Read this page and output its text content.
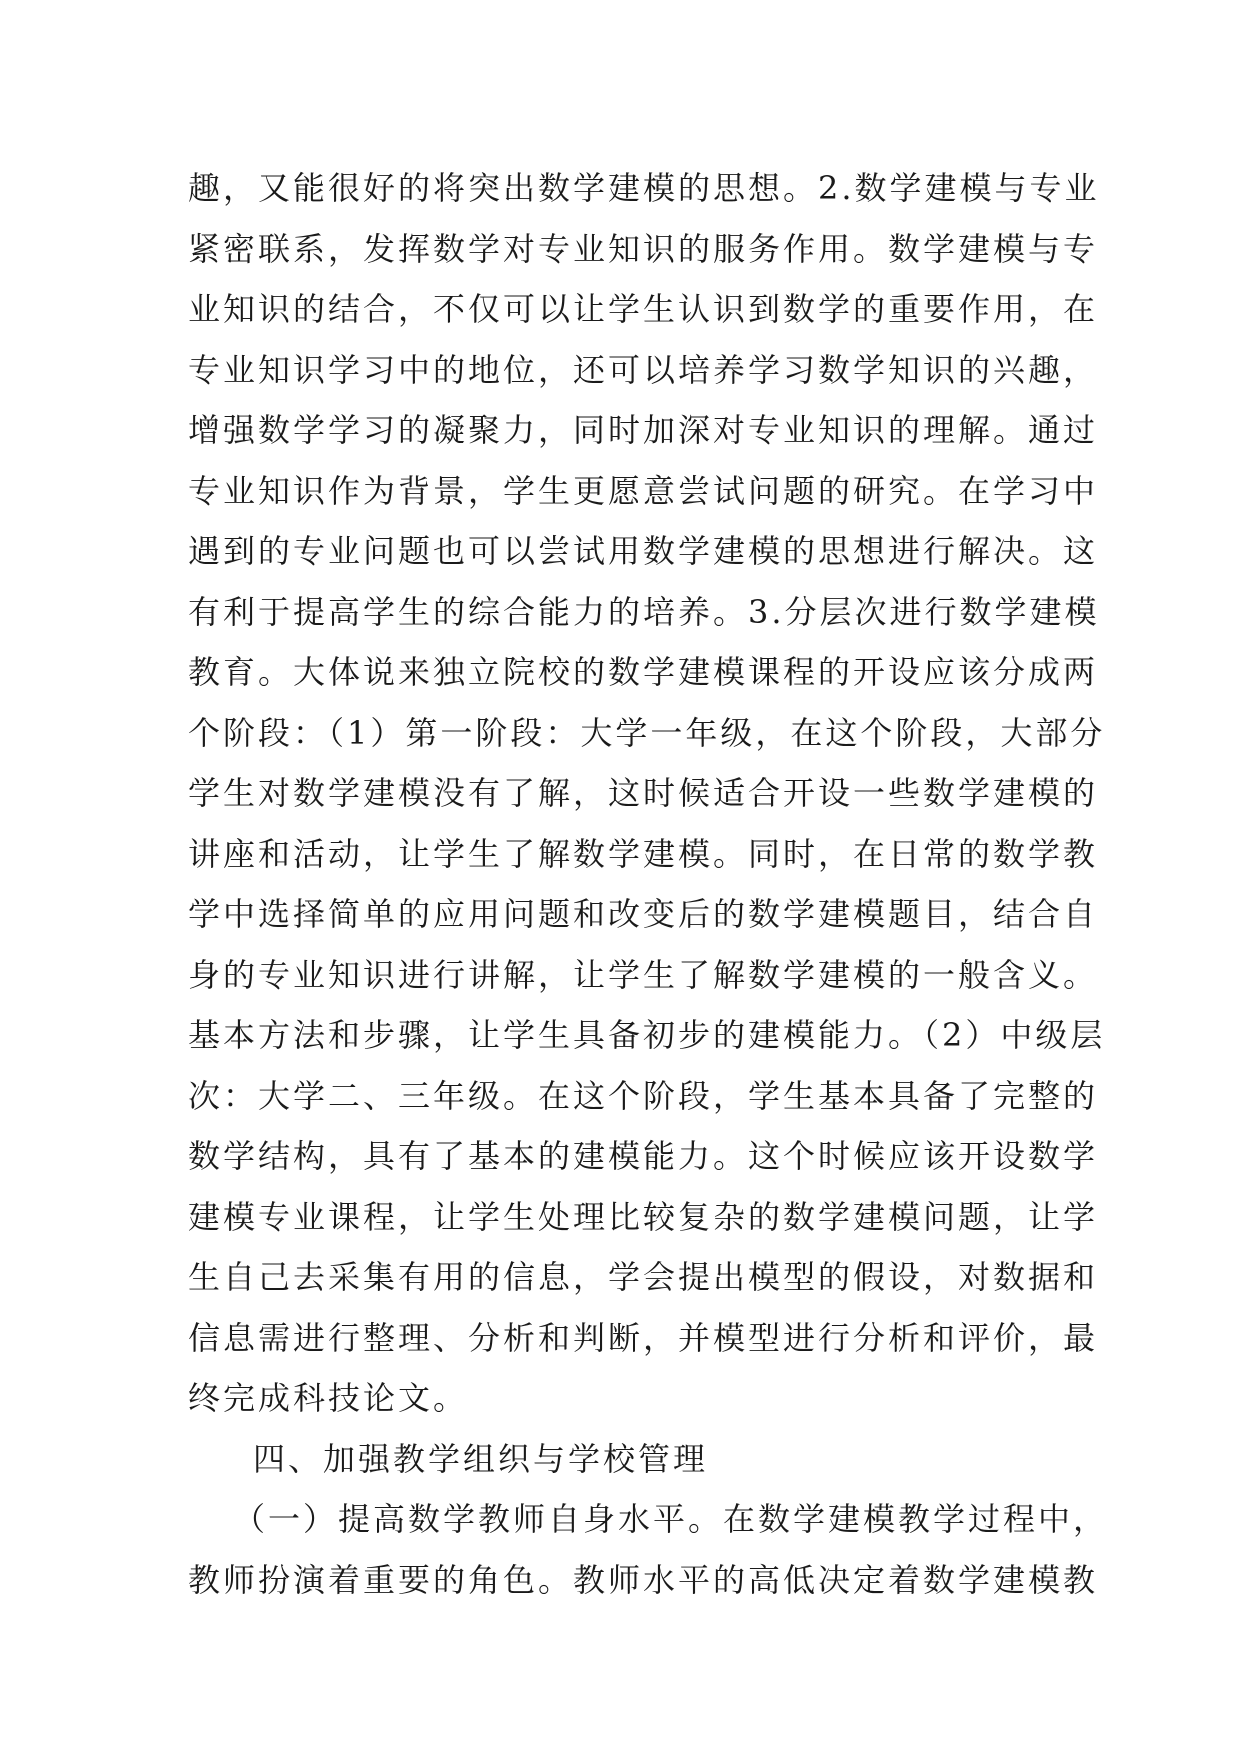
趣，又能很好的将突出数学建模的思想。2.数学建模与专业
紧密联系，发挥数学对专业知识的服务作用。数学建模与专
业知识的结合，不仅可以让学生认识到数学的重要作用，在
专业知识学习中的地位，还可以培养学习数学知识的兴趣，
增强数学学习的凝聚力，同时加深对专业知识的理解。通过
专业知识作为背景，学生更愿意尝试问题的研究。在学习中
遇到的专业问题也可以尝试用数学建模的思想进行解决。这
有利于提高学生的综合能力的培养。3.分层次进行数学建模
教育。大体说来独立院校的数学建模课程的开设应该分成两
个阶段：（1）第一阶段：大学一年级，在这个阶段，大部分
学生对数学建模没有了解，这时候适合开设一些数学建模的
讲座和活动，让学生了解数学建模。同时，在日常的数学教
学中选择简单的应用问题和改变后的数学建模题目，结合自
身的专业知识进行讲解，让学生了解数学建模的一般含义。
基本方法和步骤，让学生具备初步的建模能力。（2）中级层
次：大学二、三年级。在这个阶段，学生基本具备了完整的
数学结构，具有了基本的建模能力。这个时候应该开设数学
建模专业课程，让学生处理比较复杂的数学建模问题，让学
生自己去采集有用的信息，学会提出模型的假设，对数据和
信息需进行整理、分析和判断，并模型进行分析和评价，最
终完成科技论文。
四、加强教学组织与学校管理
（一）提高数学教师自身水平。在数学建模教学过程中，
教师扮演着重要的角色。教师水平的高低决定着数学建模教
